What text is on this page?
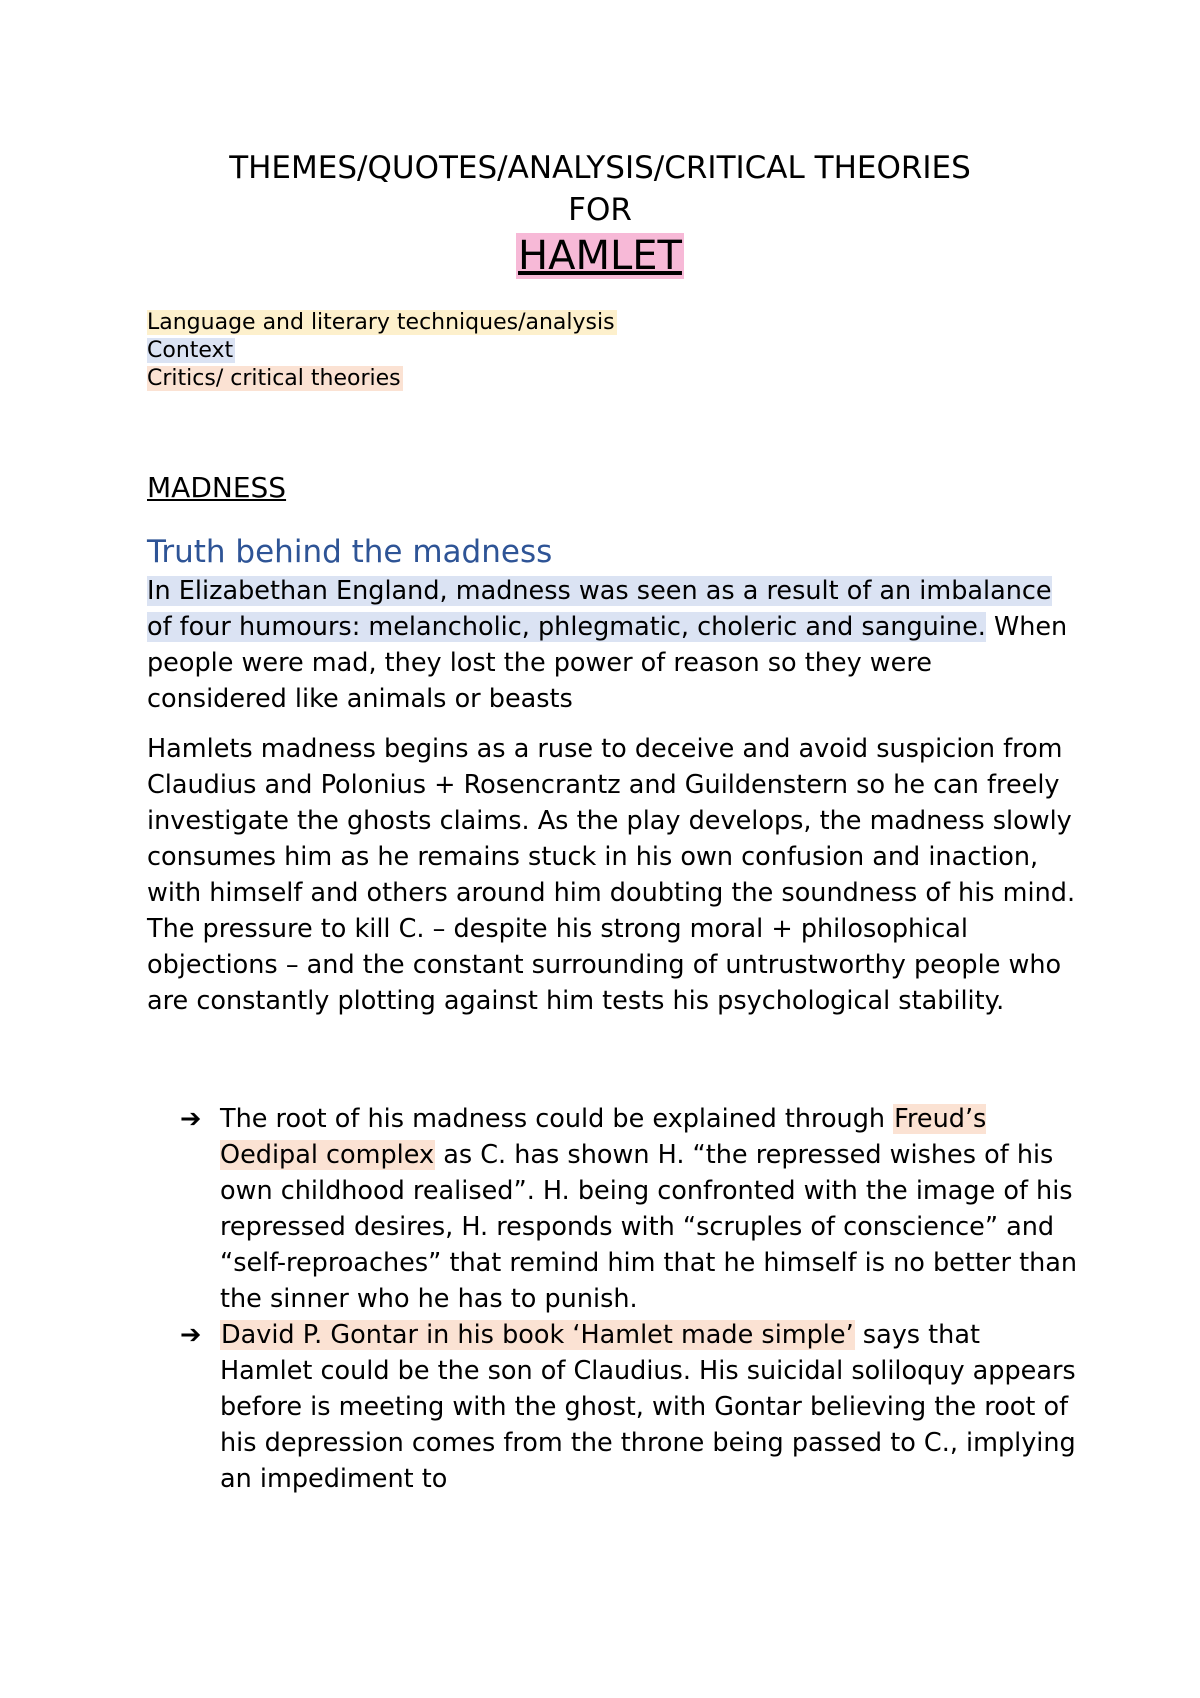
THEMES/QUOTES/ANALYSIS/CRITICAL THEORIES
FOR
HAMLET
Language and literary techniques/analysis
Context
Critics/ critical theories
MADNESS
Truth behind the madness
In Elizabethan England, madness was seen as a result of an imbalance of four humours: melancholic, phlegmatic, choleric and sanguine. When people were mad, they lost the power of reason so they were considered like animals or beasts
Hamlets madness begins as a ruse to deceive and avoid suspicion from Claudius and Polonius + Rosencrantz and Guildenstern so he can freely investigate the ghosts claims. As the play develops, the madness slowly consumes him as he remains stuck in his own confusion and inaction, with himself and others around him doubting the soundness of his mind. The pressure to kill C. – despite his strong moral + philosophical objections – and the constant surrounding of untrustworthy people who are constantly plotting against him tests his psychological stability.
➔ The root of his madness could be explained through Freud’s Oedipal complex as C. has shown H. “the repressed wishes of his own childhood realised”. H. being confronted with the image of his repressed desires, H. responds with “scruples of conscience” and “self-reproaches” that remind him that he himself is no better than the sinner who he has to punish.
➔ David P. Gontar in his book ‘Hamlet made simple’ says that Hamlet could be the son of Claudius. His suicidal soliloquy appears before is meeting with the ghost, with Gontar believing the root of his depression comes from the throne being passed to C., implying an impediment to
